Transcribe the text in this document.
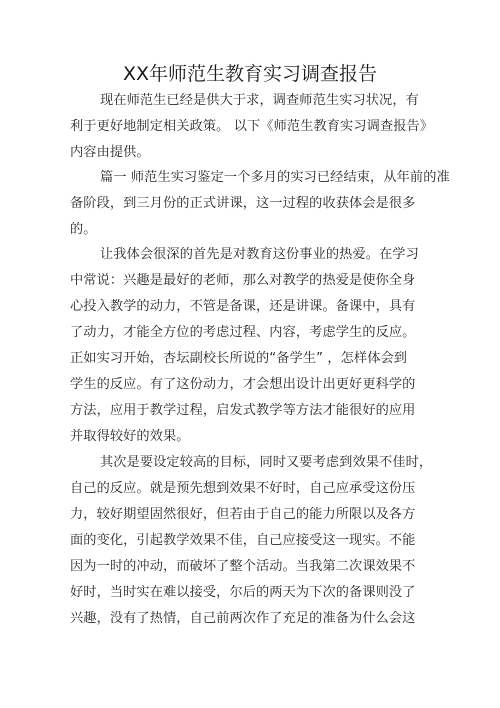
XX年师范生教育实习调查报告
现在师范生已经是供大于求，调查师范生实习状况，有
利于更好地制定相关政策。 以下《师范生教育实习调查报告》
内容由提供。
篇一 师范生实习鉴定一个多月的实习已经结束，从年前的准
备阶段，到三月份的正式讲课，这一过程的收获体会是很多
的。
让我体会很深的首先是对教育这份事业的热爱。在学习
中常说：兴趣是最好的老师，那么对教学的热爱是使你全身
心投入教学的动力，不管是备课，还是讲课。备课中，具有
了动力，才能全方位的考虑过程、内容，考虑学生的反应。
正如实习开始，杏坛副校长所说的“备学生” ，怎样体会到
学生的反应。有了这份动力，才会想出设计出更好更科学的
方法，应用于教学过程，启发式教学等方法才能很好的应用
并取得较好的效果。
其次是要设定较高的目标，同时又要考虑到效果不佳时，
自己的反应。就是预先想到效果不好时，自己应承受这份压
力，较好期望固然很好，但若由于自己的能力所限以及各方
面的变化，引起教学效果不佳，自己应接受这一现实。不能
因为一时的冲动，而破坏了整个活动。当我第二次课效果不
好时，当时实在难以接受，尔后的两天为下次的备课则没了
兴趣，没有了热情，自己前两次作了充足的准备为什么会这
